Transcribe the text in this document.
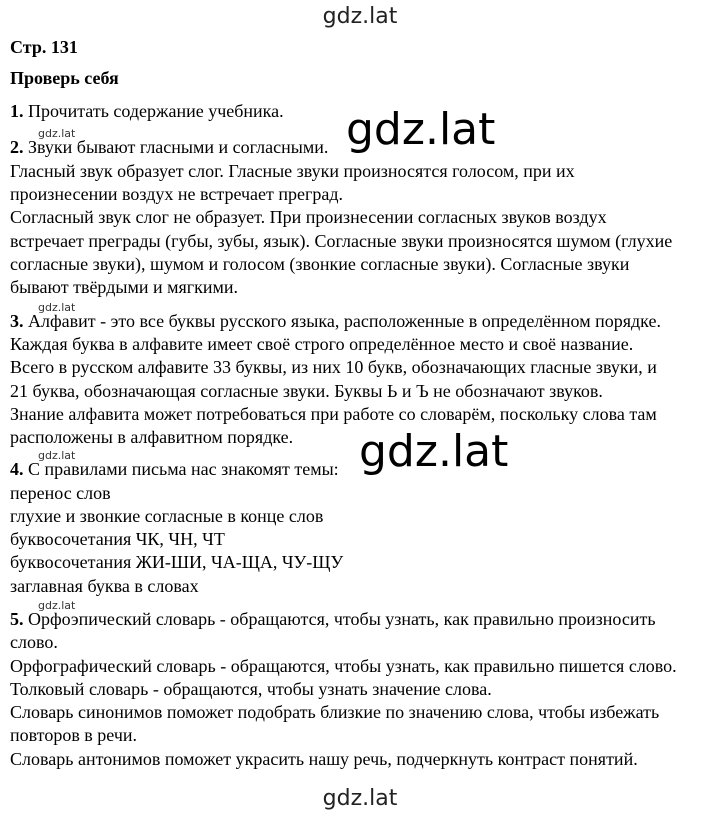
gdz.lat
Стр. 131
Проверь себя
1. Прочитать содержание учебника.
gdz.lat
2. Звуки бывают гласными и согласными. gdz.lat
Гласный звук образует слог. Гласные звуки произносятся голосом, при их
произнесении воздух не встречает преград.
Согласный звук слог не образует. При произнесении согласных звуков воздух
встречает преграды (губы, зубы, язык). Согласные звуки произносятся шумом (глухие
согласные звуки), шумом и голосом (звонкие согласные звуки). Согласные звуки
бывают твёрдыми и мягкими.
gdz.lat
3. Алфавит - это все буквы русского языка, расположенные в определённом порядке.
Каждая буква в алфавите имеет своё строго определённое место и своё название.
Всего в русском алфавите 33 буквы, из них 10 букв, обозначающих гласные звуки, и
21 буква, обозначающая согласные звуки. Буквы Ь и Ъ не обозначают звуков.
Знание алфавита может потребоваться при работе со словарём, поскольку слова там
расположены в алфавитном порядке.
gdz.lat
4. С правилами письма нас знакомят темы: gdz.lat
перенос слов
глухие и звонкие согласные в конце слов
буквосочетания ЧК, ЧН, ЧТ
буквосочетания ЖИ-ШИ, ЧА-ЩА, ЧУ-ЩУ
заглавная буква в словах
gdz.lat
5. Орфоэпический словарь - обращаются, чтобы узнать, как правильно произносить
слово.
Орфографический словарь - обращаются, чтобы узнать, как правильно пишется слово.
Толковый словарь - обращаются, чтобы узнать значение слова.
Словарь синонимов поможет подобрать близкие по значению слова, чтобы избежать
повторов в речи.
Словарь антонимов поможет украсить нашу речь, подчеркнуть контраст понятий.
gdz.lat
